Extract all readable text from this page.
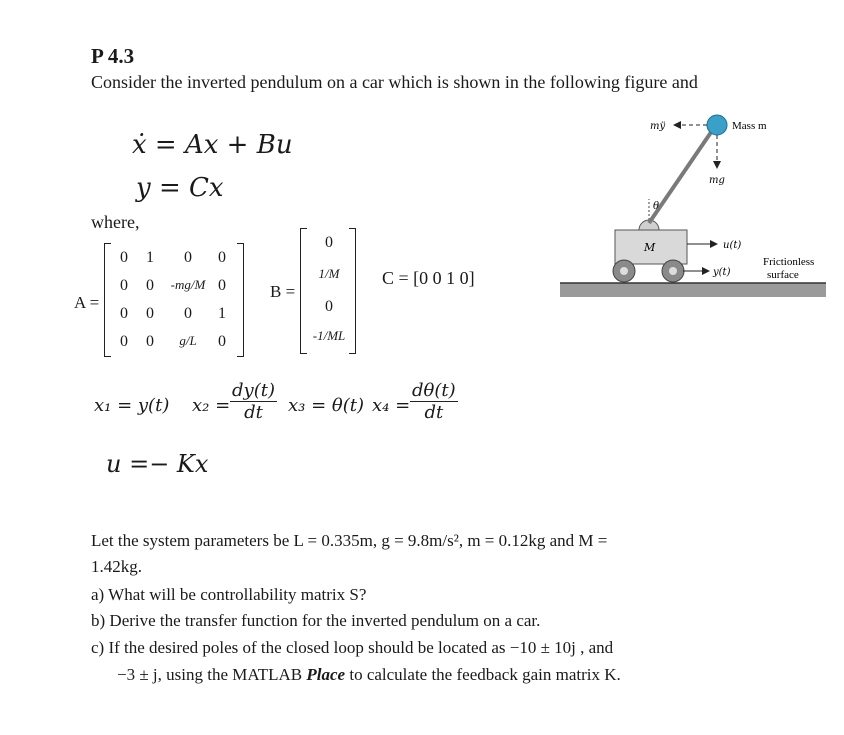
P 4.3
Consider the inverted pendulum on a car which is shown in the following figure and
ẋ = Ax + Bu
y = Cx
where,
A =
0	1	0	0
0	0	-mg/M 0
0	0	0	1
0	0	g/L	0
B =
0
1/M
0
-1/ML
C = [0 0 1 0]
x₁ = y(t) $x_2 = \frac{dy(t)}{dt} x_3 = \theta(t) x_4 = \frac{d\theta(t)}{dt}$
u =− Kx
mÿ	Mass m
mg
θ
M	u(t)
y(t)
Frictionless
surface
Let the system parameters be L = 0.335m, g = 9.8m/s², m = 0.12kg and M =
1.42kg.
a) What will be controllability matrix S?
b) Derive the transfer function for the inverted pendulum on a car.
c) If the desired poles of the closed loop should be located as −10 ± 10j , and
−3 ± j, using the MATLAB Place to calculate the feedback gain matrix K.
